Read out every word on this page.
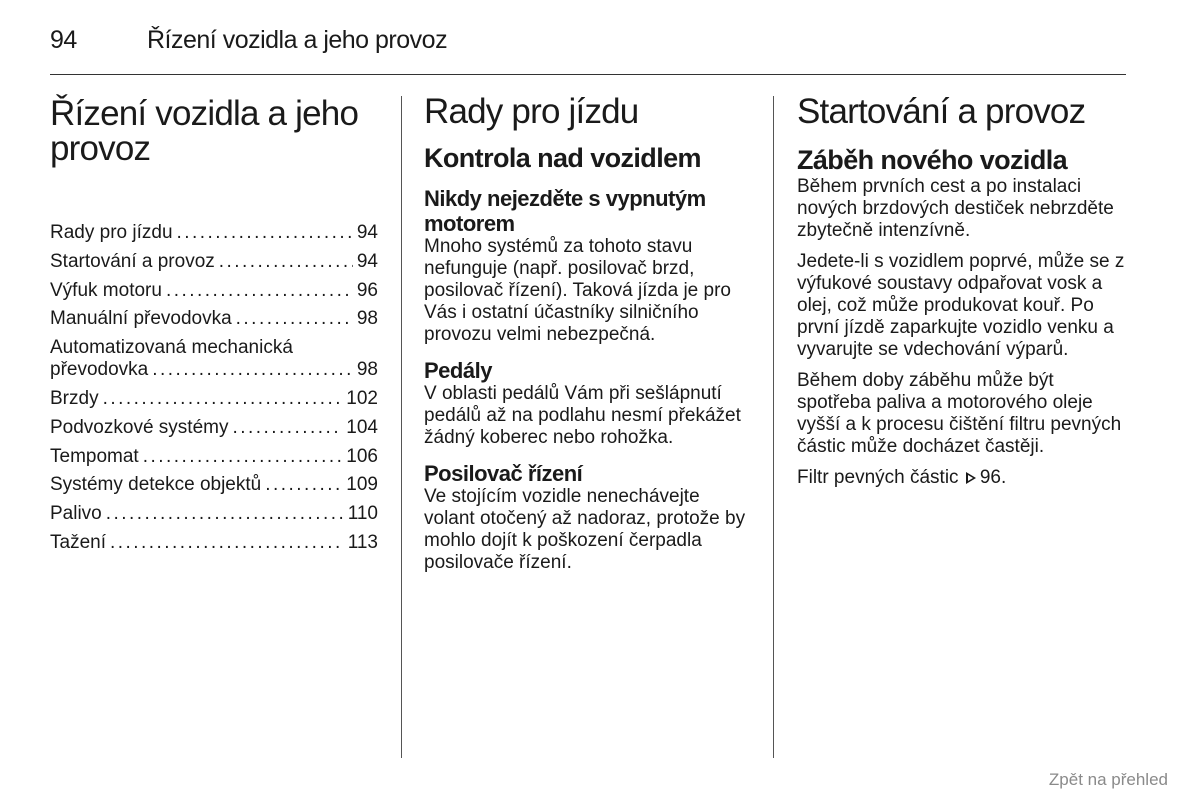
94	Řízení vozidla a jeho provoz
Řízení vozidla a jeho provoz
Rady pro jízdu . . .	94
Startování a provoz . . .	94
Výfuk motoru . . .	96
Manuální převodovka . . .	98
Automatizovaná mechanická
převodovka . . .	98
Brzdy . . .	102
Podvozkové systémy . . .	104
Tempomat . . .	106
Systémy detekce objektů . . .	109
Palivo . . .	110
Tažení . . .	113
Rady pro jízdu
Kontrola nad vozidlem
Nikdy nejezděte s vypnutým motorem

Mnoho systémů za tohoto stavu nefunguje (např. posilovač brzd, posilovač řízení). Taková jízda je pro Vás i ostatní účastníky silničního provozu velmi nebezpečná.

Pedály

V oblasti pedálů Vám při sešlápnutí pedálů až na podlahu nesmí překážet žádný koberec nebo rohožka.

Posilovač řízení

Ve stojícím vozidle nenechávejte volant otočený až nadoraz, protože by mohlo dojít k poškození čerpadla posilovače řízení.

Startování a provoz
Záběh nového vozidla

Během prvních cest a po instalaci nových brzdových destiček nebrzděte zbytečně intenzívně.

Jedete-li s vozidlem poprvé, může se z výfukové soustavy odpařovat vosk a olej, což může produkovat kouř. Po první jízdě zaparkujte vozidlo venku a vyvarujte se vdechování výparů.

Během doby záběhu může být spotřeba paliva a motorového oleje vyšší a k procesu čištění filtru pevných částic může docházet častěji.

Filtr pevných částic 96.

Zpět na přehled
